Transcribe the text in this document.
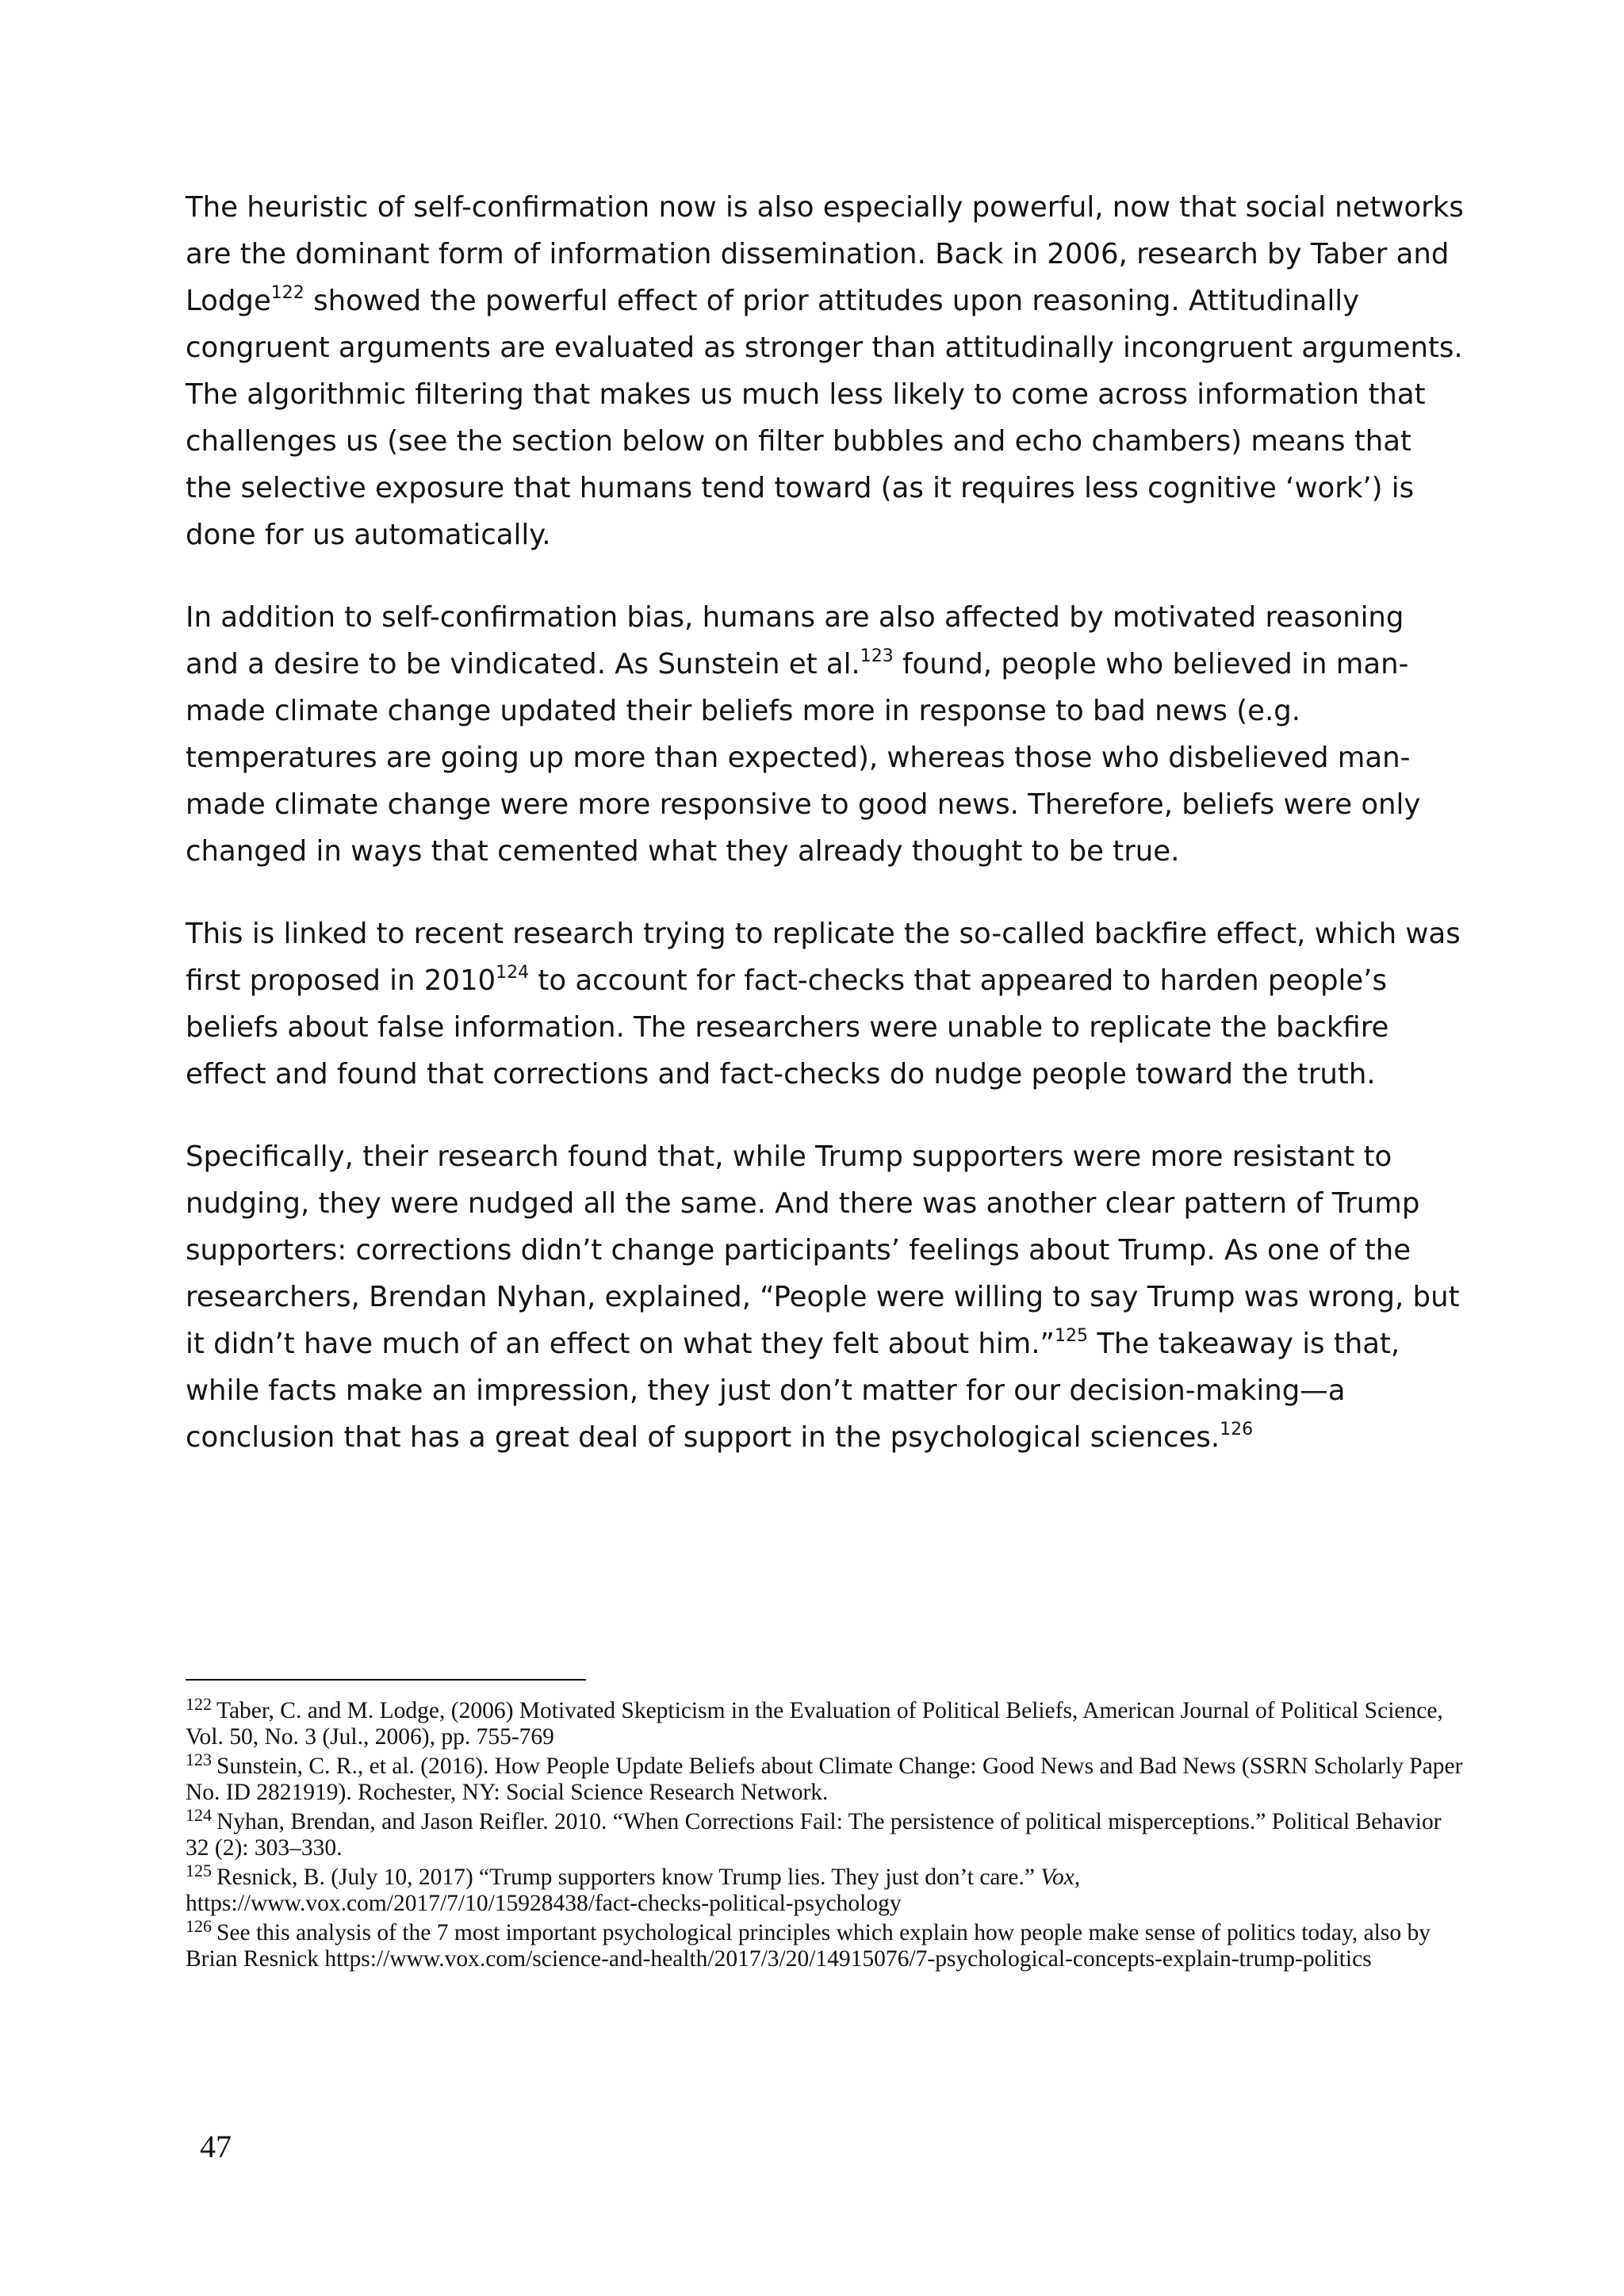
The heuristic of self-confirmation now is also especially powerful, now that social networks are the dominant form of information dissemination. Back in 2006, research by Taber and Lodge$^{122}$ showed the powerful effect of prior attitudes upon reasoning. Attitudinally congruent arguments are evaluated as stronger than attitudinally incongruent arguments. The algorithmic filtering that makes us much less likely to come across information that challenges us (see the section below on filter bubbles and echo chambers) means that the selective exposure that humans tend toward (as it requires less cognitive ‘work’) is done for us automatically.

In addition to self-confirmation bias, humans are also affected by motivated reasoning and a desire to be vindicated. As Sunstein et al.$^{123}$ found, people who believed in man-made climate change updated their beliefs more in response to bad news (e.g. temperatures are going up more than expected), whereas those who disbelieved man-made climate change were more responsive to good news. Therefore, beliefs were only changed in ways that cemented what they already thought to be true.

This is linked to recent research trying to replicate the so-called backfire effect, which was first proposed in 2010$^{124}$ to account for fact-checks that appeared to harden people’s beliefs about false information. The researchers were unable to replicate the backfire effect and found that corrections and fact-checks do nudge people toward the truth.

Specifically, their research found that, while Trump supporters were more resistant to nudging, they were nudged all the same. And there was another clear pattern of Trump supporters: corrections didn’t change participants’ feelings about Trump. As one of the researchers, Brendan Nyhan, explained, “People were willing to say Trump was wrong, but it didn’t have much of an effect on what they felt about him.”$^{125}$ The takeaway is that, while facts make an impression, they just don’t matter for our decision-making—a conclusion that has a great deal of support in the psychological sciences.$^{126}$

$^{122}$ Taber, C. and M. Lodge, (2006) Motivated Skepticism in the Evaluation of Political Beliefs, American Journal of Political Science, Vol. 50, No. 3 (Jul., 2006), pp. 755-769
$^{123}$ Sunstein, C. R., et al. (2016). How People Update Beliefs about Climate Change: Good News and Bad News (SSRN Scholarly Paper No. ID 2821919). Rochester, NY: Social Science Research Network.
$^{124}$ Nyhan, Brendan, and Jason Reifler. 2010. “When Corrections Fail: The persistence of political misperceptions.” Political Behavior 32 (2): 303–330.
$^{125}$ Resnick, B. (July 10, 2017) “Trump supporters know Trump lies. They just don’t care.” Vox, https://www.vox.com/2017/7/10/15928438/fact-checks-political-psychology
$^{126}$ See this analysis of the 7 most important psychological principles which explain how people make sense of politics today, also by Brian Resnick https://www.vox.com/science-and-health/2017/3/20/14915076/7-psychological-concepts-explain-trump-politics
47
